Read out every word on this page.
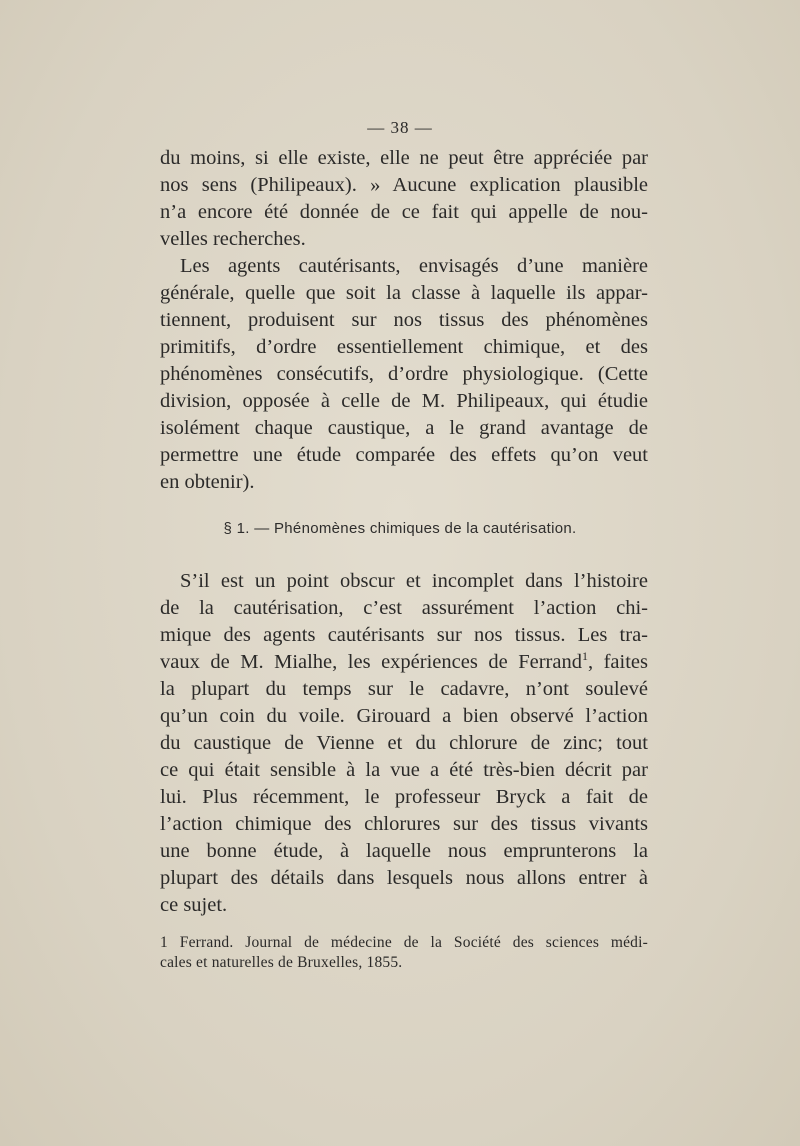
— 38 —

du moins, si elle existe, elle ne peut être appréciée par
nos sens (Philipeaux). » Aucune explication plausible
n’a encore été donnée de ce fait qui appelle de nou-
velles recherches.

Les agents cautérisants, envisagés d’une manière
générale, quelle que soit la classe à laquelle ils appar-
tiennent, produisent sur nos tissus des phénomènes
primitifs, d’ordre essentiellement chimique, et des
phénomènes consécutifs, d’ordre physiologique. (Cette
division, opposée à celle de M. Philipeaux, qui étudie
isolément chaque caustique, a le grand avantage de
permettre une étude comparée des effets qu’on veut
en obtenir).

§ 1. — Phénomènes chimiques de la cautérisation.

S’il est un point obscur et incomplet dans l’histoire
de la cautérisation, c’est assurément l’action chi-
mique des agents cautérisants sur nos tissus. Les tra-
vaux de M. Mialhe, les expériences de Ferrand$^1$, faites
la plupart du temps sur le cadavre, n’ont soulevé
qu’un coin du voile. Girouard a bien observé l’action
du caustique de Vienne et du chlorure de zinc; tout
ce qui était sensible à la vue a été très-bien décrit par
lui. Plus récemment, le professeur Bryck a fait de
l’action chimique des chlorures sur des tissus vivants
une bonne étude, à laquelle nous emprunterons la
plupart des détails dans lesquels nous allons entrer à
ce sujet.

1 Ferrand. Journal de médecine de la Société des sciences médi-
cales et naturelles de Bruxelles, 1855.
